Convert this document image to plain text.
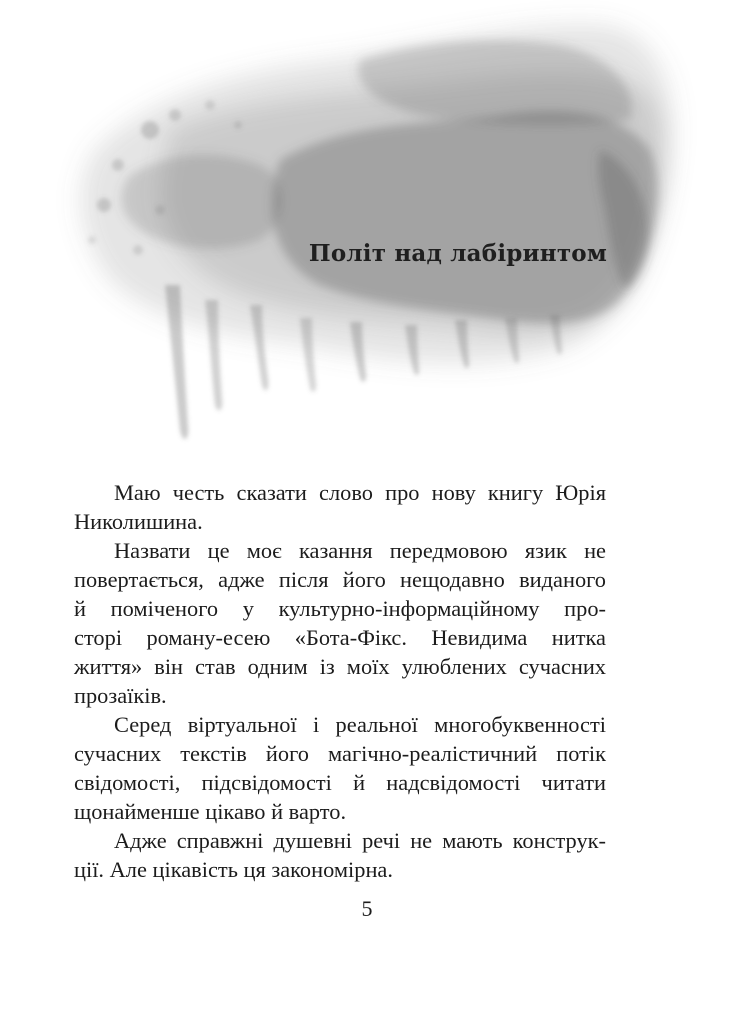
Політ над лабіринтом
Маю честь сказати слово про нову книгу Юрія
Николишина.
Назвати це моє казання передмовою язик не
повертається, адже після його нещодавно виданого
й поміченого у культурно-інформаційному про-
сторі роману-есею «Бота-Фікс. Невидима нитка
життя» він став одним із моїх улюблених сучасних
прозаїків.
Серед віртуальної і реальної многобуквенності
сучасних текстів його магічно-реалістичний потік
свідомості, підсвідомості й надсвідомості читати
щонайменше цікаво й варто.
Адже справжні душевні речі не мають конструк-
ції. Але цікавість ця закономірна.
5
